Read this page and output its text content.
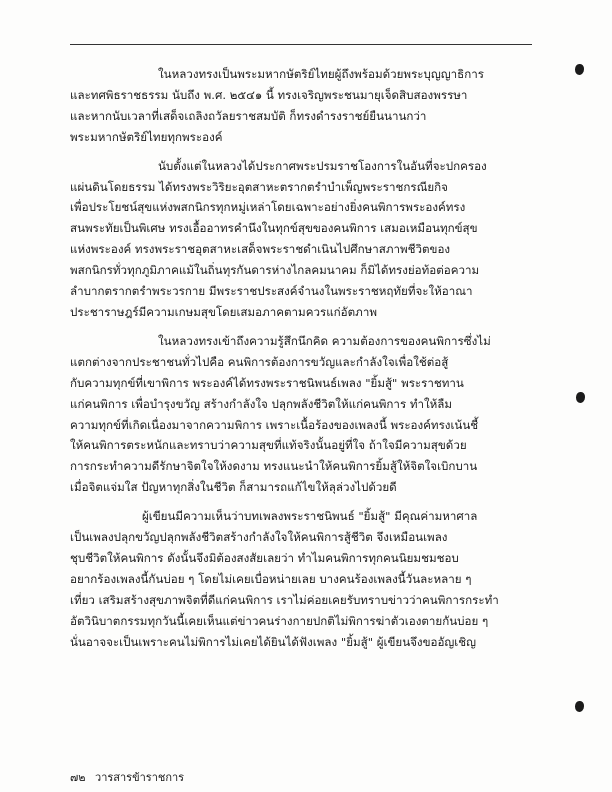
ในหลวงทรงเป็นพระมหากษัตริย์ไทยผู้ถึงพร้อมด้วยพระบุญญาธิการ
และทศพิธราชธรรม นับถึง พ.ศ. ๒๕๔๑ นี้ ทรงเจริญพระชนมายุเจ็ดสิบสองพรรษา
และหากนับเวลาที่เสด็จเถลิงถวัลยราชสมบัติ ก็ทรงดำรงราชย์ยืนนานกว่า
พระมหากษัตริย์ไทยทุกพระองค์

นับตั้งแต่ในหลวงได้ประกาศพระปรมราชโองการในอันที่จะปกครอง
แผ่นดินโดยธรรม ได้ทรงพระวิริยะอุตสาหะตรากตรำบำเพ็ญพระราชกรณียกิจ
เพื่อประโยชน์สุขแห่งพสกนิกรทุกหมู่เหล่าโดยเฉพาะอย่างยิ่งคนพิการพระองค์ทรง
สนพระทัยเป็นพิเศษ ทรงเอื้ออาทรคำนึงในทุกข์สุขของคนพิการ เสมอเหมือนทุกข์สุข
แห่งพระองค์ ทรงพระราชอุตสาหะเสด็จพระราชดำเนินไปศึกษาสภาพชีวิตของ
พสกนิกรทั่วทุกภูมิภาคแม้ในถิ่นทุรกันดารห่างไกลคมนาคม ก็มิได้ทรงย่อท้อต่อความ
ลำบากตรากตรำพระวรกาย มีพระราชประสงค์จำนงในพระราชหฤทัยที่จะให้อาณา
ประชาราษฎร์มีความเกษมสุขโดยเสมอภาคตามควรแก่อัตภาพ

ในหลวงทรงเข้าถึงความรู้สึกนึกคิด ความต้องการของคนพิการซึ่งไม่
แตกต่างจากประชาชนทั่วไปคือ คนพิการต้องการขวัญและกำลังใจเพื่อใช้ต่อสู้
กับความทุกข์ที่เขาพิการ พระองค์ได้ทรงพระราชนิพนธ์เพลง "ยิ้มสู้" พระราชทาน
แก่คนพิการ เพื่อบำรุงขวัญ สร้างกำลังใจ ปลุกพลังชีวิตให้แก่คนพิการ ทำให้ลืม
ความทุกข์ที่เกิดเนื่องมาจากความพิการ เพราะเนื้อร้องของเพลงนี้ พระองค์ทรงเน้นชี้
ให้คนพิการตระหนักและทราบว่าความสุขที่แท้จริงนั้นอยู่ที่ใจ ถ้าใจมีความสุขด้วย
การกระทำความดีรักษาจิตใจให้งดงาม ทรงแนะนำให้คนพิการยิ้มสู้ให้จิตใจเบิกบาน
เมื่อจิตแจ่มใส ปัญหาทุกสิ่งในชีวิต ก็สามารถแก้ไขให้ลุล่วงไปด้วยดี

ผู้เขียนมีความเห็นว่าบทเพลงพระราชนิพนธ์ "ยิ้มสู้" มีคุณค่ามหาศาล
เป็นเพลงปลุกขวัญปลุกพลังชีวิตสร้างกำลังใจให้คนพิการสู้ชีวิต จึงเหมือนเพลง
ชุบชีวิตให้คนพิการ ดังนั้นจึงมิต้องสงสัยเลยว่า ทำไมคนพิการทุกคนนิยมชมชอบ
อยากร้องเพลงนี้กันบ่อย ๆ โดยไม่เคยเบื่อหน่ายเลย บางคนร้องเพลงนี้วันละหลาย ๆ
เที่ยว เสริมสร้างสุขภาพจิตที่ดีแก่คนพิการ เราไม่ค่อยเคยรับทราบข่าวว่าคนพิการกระทำ
อัตวินิบาตกรรมทุกวันนี้เคยเห็นแต่ข่าวคนร่างกายปกติไม่พิการฆ่าตัวเองตายกันบ่อย ๆ
นั่นอาจจะเป็นเพราะคนไม่พิการไม่เคยได้ยินได้ฟังเพลง "ยิ้มสู้" ผู้เขียนจึงขออัญเชิญ

๗๒ วารสารข้าราชการ
